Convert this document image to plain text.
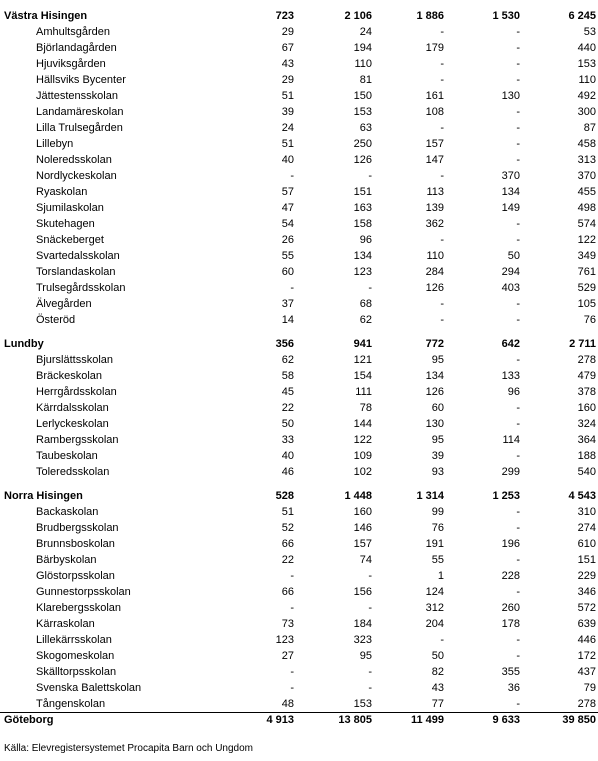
Västra Hisingen	723	2 106	1 886	1 530	6 245
Amhultsgården	29	24	-	-	53
Björlandagården	67	194	179	-	440
Hjuviksgården	43	110	-	-	153
Hällsviks Bycenter	29	81	-	-	110
Jättestensskolan	51	150	161	130	492
Landamäreskolan	39	153	108	-	300
Lilla Trulsegården	24	63	-	-	87
Lillebyn	51	250	157	-	458
Noleredsskolan	40	126	147	-	313
Nordlyckeskolan	-	-	-	370	370
Ryaskolan	57	151	113	134	455
Sjumilaskolan	47	163	139	149	498
Skutehagen	54	158	362	-	574
Snäckeberget	26	96	-	-	122
Svartedalsskolan	55	134	110	50	349
Torslandaskolan	60	123	284	294	761
Trulsegårdsskolan	-	-	126	403	529
Älvegården	37	68	-	-	105
Österöd	14	62	-	-	76
Lundby	356	941	772	642	2 711
Bjurslättsskolan	62	121	95	-	278
Bräckeskolan	58	154	134	133	479
Herrgårdsskolan	45	111	126	96	378
Kärrdalsskolan	22	78	60	-	160
Lerlyckeskolan	50	144	130	-	324
Rambergsskolan	33	122	95	114	364
Taubeskolan	40	109	39	-	188
Toleredsskolan	46	102	93	299	540
Norra Hisingen	528	1 448	1 314	1 253	4 543
Backaskolan	51	160	99	-	310
Brudbergsskolan	52	146	76	-	274
Brunnsboskolan	66	157	191	196	610
Bärbyskolan	22	74	55	-	151
Glöstorpsskolan	-	-	1	228	229
Gunnestorpsskolan	66	156	124	-	346
Klarebergsskolan	-	-	312	260	572
Kärraskolan	73	184	204	178	639
Lillekärrsskolan	123	323	-	-	446
Skogomeskolan	27	95	50	-	172
Skälltorpsskolan	-	-	82	355	437
Svenska Balettskolan	-	-	43	36	79
Tångenskolan	48	153	77	-	278
Göteborg	4 913	13 805	11 499	9 633	39 850
Källa: Elevregistersystemet Procapita Barn och Ungdom
